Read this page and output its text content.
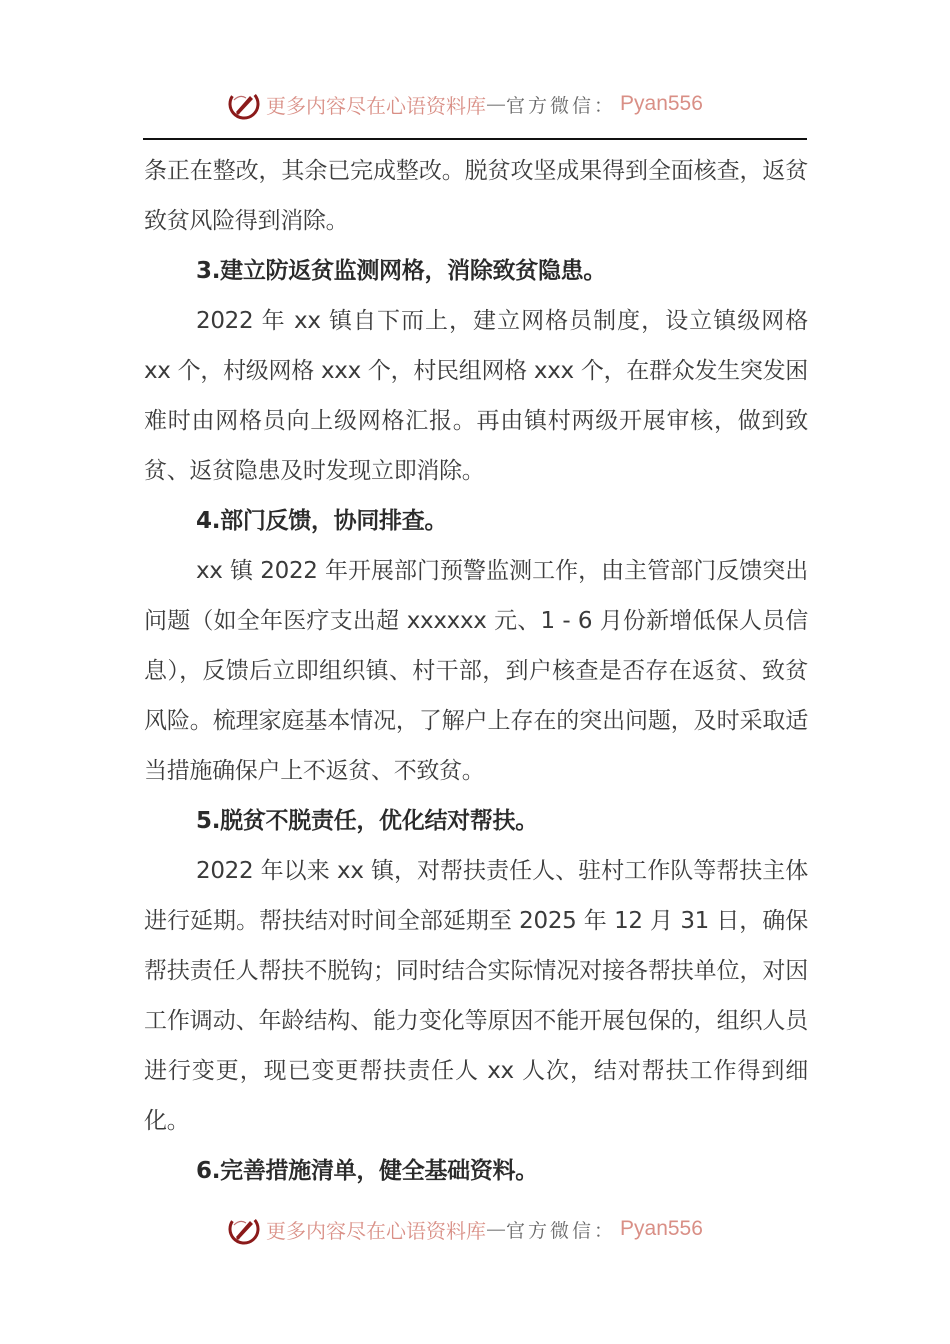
更多内容尽在心语资料库 — 官方微信： Pyan556

条正在整改，其余已完成整改。脱贫攻坚成果得到全面核查，返贫致贫风险得到消除。

3.建立防返贫监测网格，消除致贫隐患。

2022 年 xx 镇自下而上，建立网格员制度，设立镇级网格 xx 个，村级网格 xxx 个，村民组网格 xxx 个，在群众发生突发困难时由网格员向上级网格汇报。再由镇村两级开展审核，做到致贫、返贫隐患及时发现立即消除。

4.部门反馈，协同排查。

xx 镇 2022 年开展部门预警监测工作，由主管部门反馈突出问题（如全年医疗支出超 xxxxxx 元、1 - 6 月份新增低保人员信息），反馈后立即组织镇、村干部，到户核查是否存在返贫、致贫风险。梳理家庭基本情况，了解户上存在的突出问题，及时采取适当措施确保户上不返贫、不致贫。

5.脱贫不脱责任，优化结对帮扶。

2022 年以来 xx 镇，对帮扶责任人、驻村工作队等帮扶主体进行延期。帮扶结对时间全部延期至 2025 年 12 月 31 日，确保帮扶责任人帮扶不脱钩；同时结合实际情况对接各帮扶单位，对因工作调动、年龄结构、能力变化等原因不能开展包保的，组织人员进行变更，现已变更帮扶责任人 xx 人次，结对帮扶工作得到细化。

6.完善措施清单，健全基础资料。

更多内容尽在心语资料库 — 官方微信： Pyan556
